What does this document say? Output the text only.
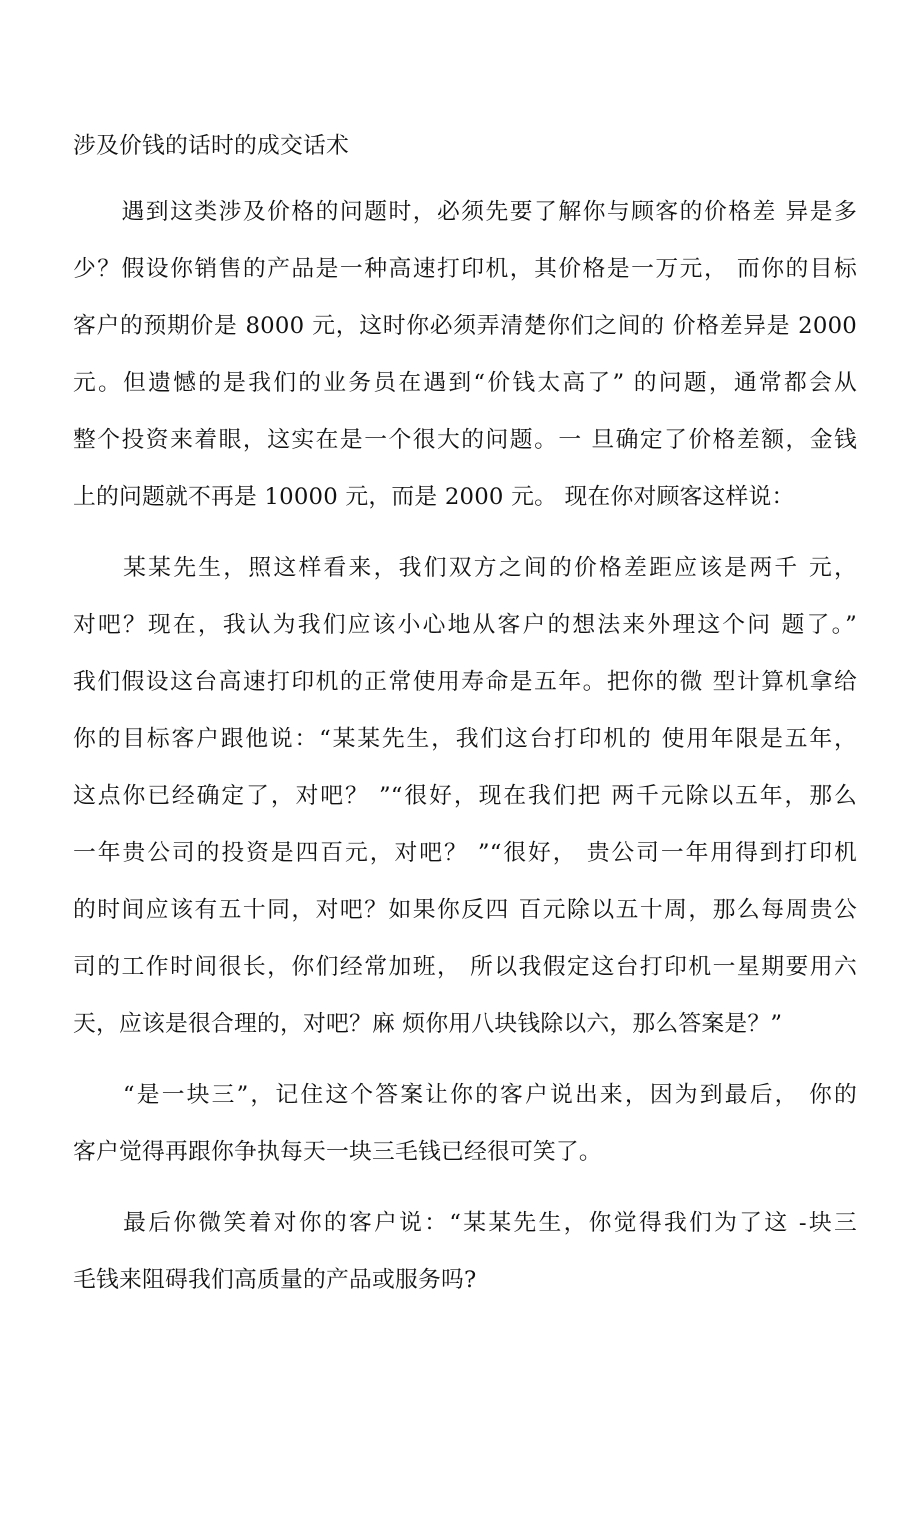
涉及价钱的话时的成交话术
　　遇到这类涉及价格的问题时，必须先要了解你与顾客的价格差 异是多
少？假设你销售的产品是一种高速打印机，其价格是一万元， 而你的目标
客户的预期价是 8000 元，这时你必须弄清楚你们之间的 价格差异是 2000
元。但遗憾的是我们的业务员在遇到“价钱太高了” 的问题，通常都会从
整个投资来着眼，这实在是一个很大的问题。一 旦确定了价格差额，金钱
上的问题就不再是 10000 元，而是 2000 元。 现在你对顾客这样说：
　　某某先生，照这样看来，我们双方之间的价格差距应该是两千 元，
对吧？现在，我认为我们应该小心地从客户的想法来外理这个问 题了。”
我们假设这台高速打印机的正常使用寿命是五年。把你的微 型计算机拿给
你的目标客户跟他说：“某某先生，我们这台打印机的 使用年限是五年，
这点你已经确定了，对吧？ ”“很好，现在我们把 两千元除以五年，那么
一年贵公司的投资是四百元，对吧？ ”“很好， 贵公司一年用得到打印机
的时间应该有五十同，对吧？如果你反四 百元除以五十周，那么每周贵公
司的工作时间很长，你们经常加班， 所以我假定这台打印机一星期要用六
天，应该是很合理的，对吧？麻 烦你用八块钱除以六，那么答案是？”
　　“是一块三”，记住这个答案让你的客户说出来，因为到最后， 你的
客户觉得再跟你争执每天一块三毛钱已经很可笑了。
　　最后你微笑着对你的客户说：“某某先生，你觉得我们为了这 -块三
毛钱来阻碍我们高质量的产品或服务吗?
